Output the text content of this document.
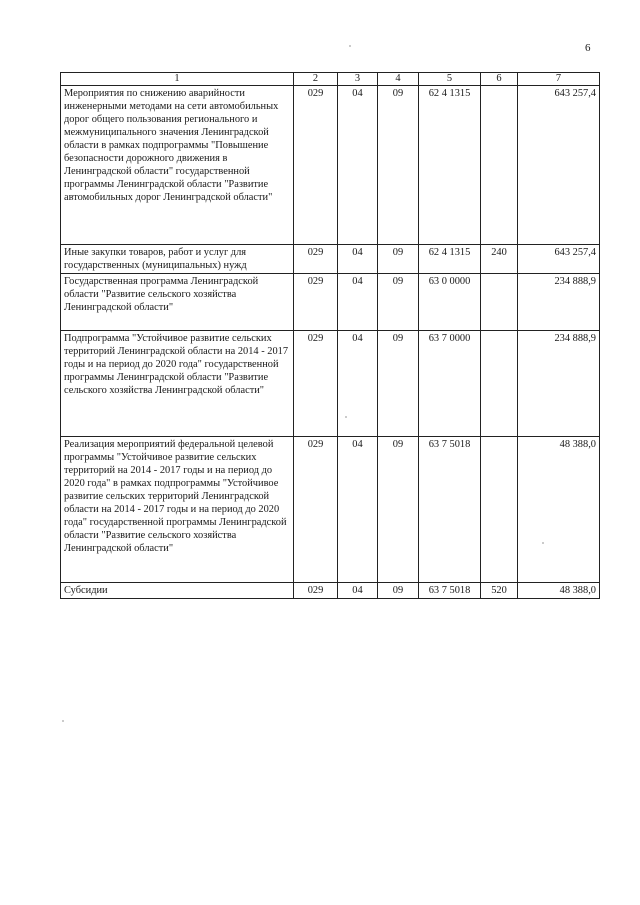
6
1	2	3	4	5	6	7
Мероприятия по снижению аварийности инженерными методами на сети автомобильных дорог общего пользования регионального и межмуниципального значения Ленинградской области в рамках подпрограммы "Повышение безопасности дорожного движения в Ленинградской области" государственной программы Ленинградской области "Развитие автомобильных дорог Ленинградской области"	029	04	09	62 4 1315		643 257,4
Иные закупки товаров, работ и услуг для государственных (муниципальных) нужд	029	04	09	62 4 1315	240	643 257,4
Государственная программа Ленинградской области "Развитие сельского хозяйства Ленинградской области"	029	04	09	63 0 0000		234 888,9
Подпрограмма "Устойчивое развитие сельских территорий Ленинградской области на 2014 - 2017 годы и на период до 2020 года" государственной программы Ленинградской области "Развитие сельского хозяйства Ленинградской области"	029	04	09	63 7 0000		234 888,9
Реализация мероприятий федеральной целевой программы "Устойчивое развитие сельских территорий на 2014 - 2017 годы и на период до 2020 года" в рамках подпрограммы "Устойчивое развитие сельских территорий Ленинградской области на 2014 - 2017 годы и на период до 2020 года" государственной программы Ленинградской области "Развитие сельского хозяйства Ленинградской области"	029	04	09	63 7 5018		48 388,0
Субсидии	029	04	09	63 7 5018	520	48 388,0
